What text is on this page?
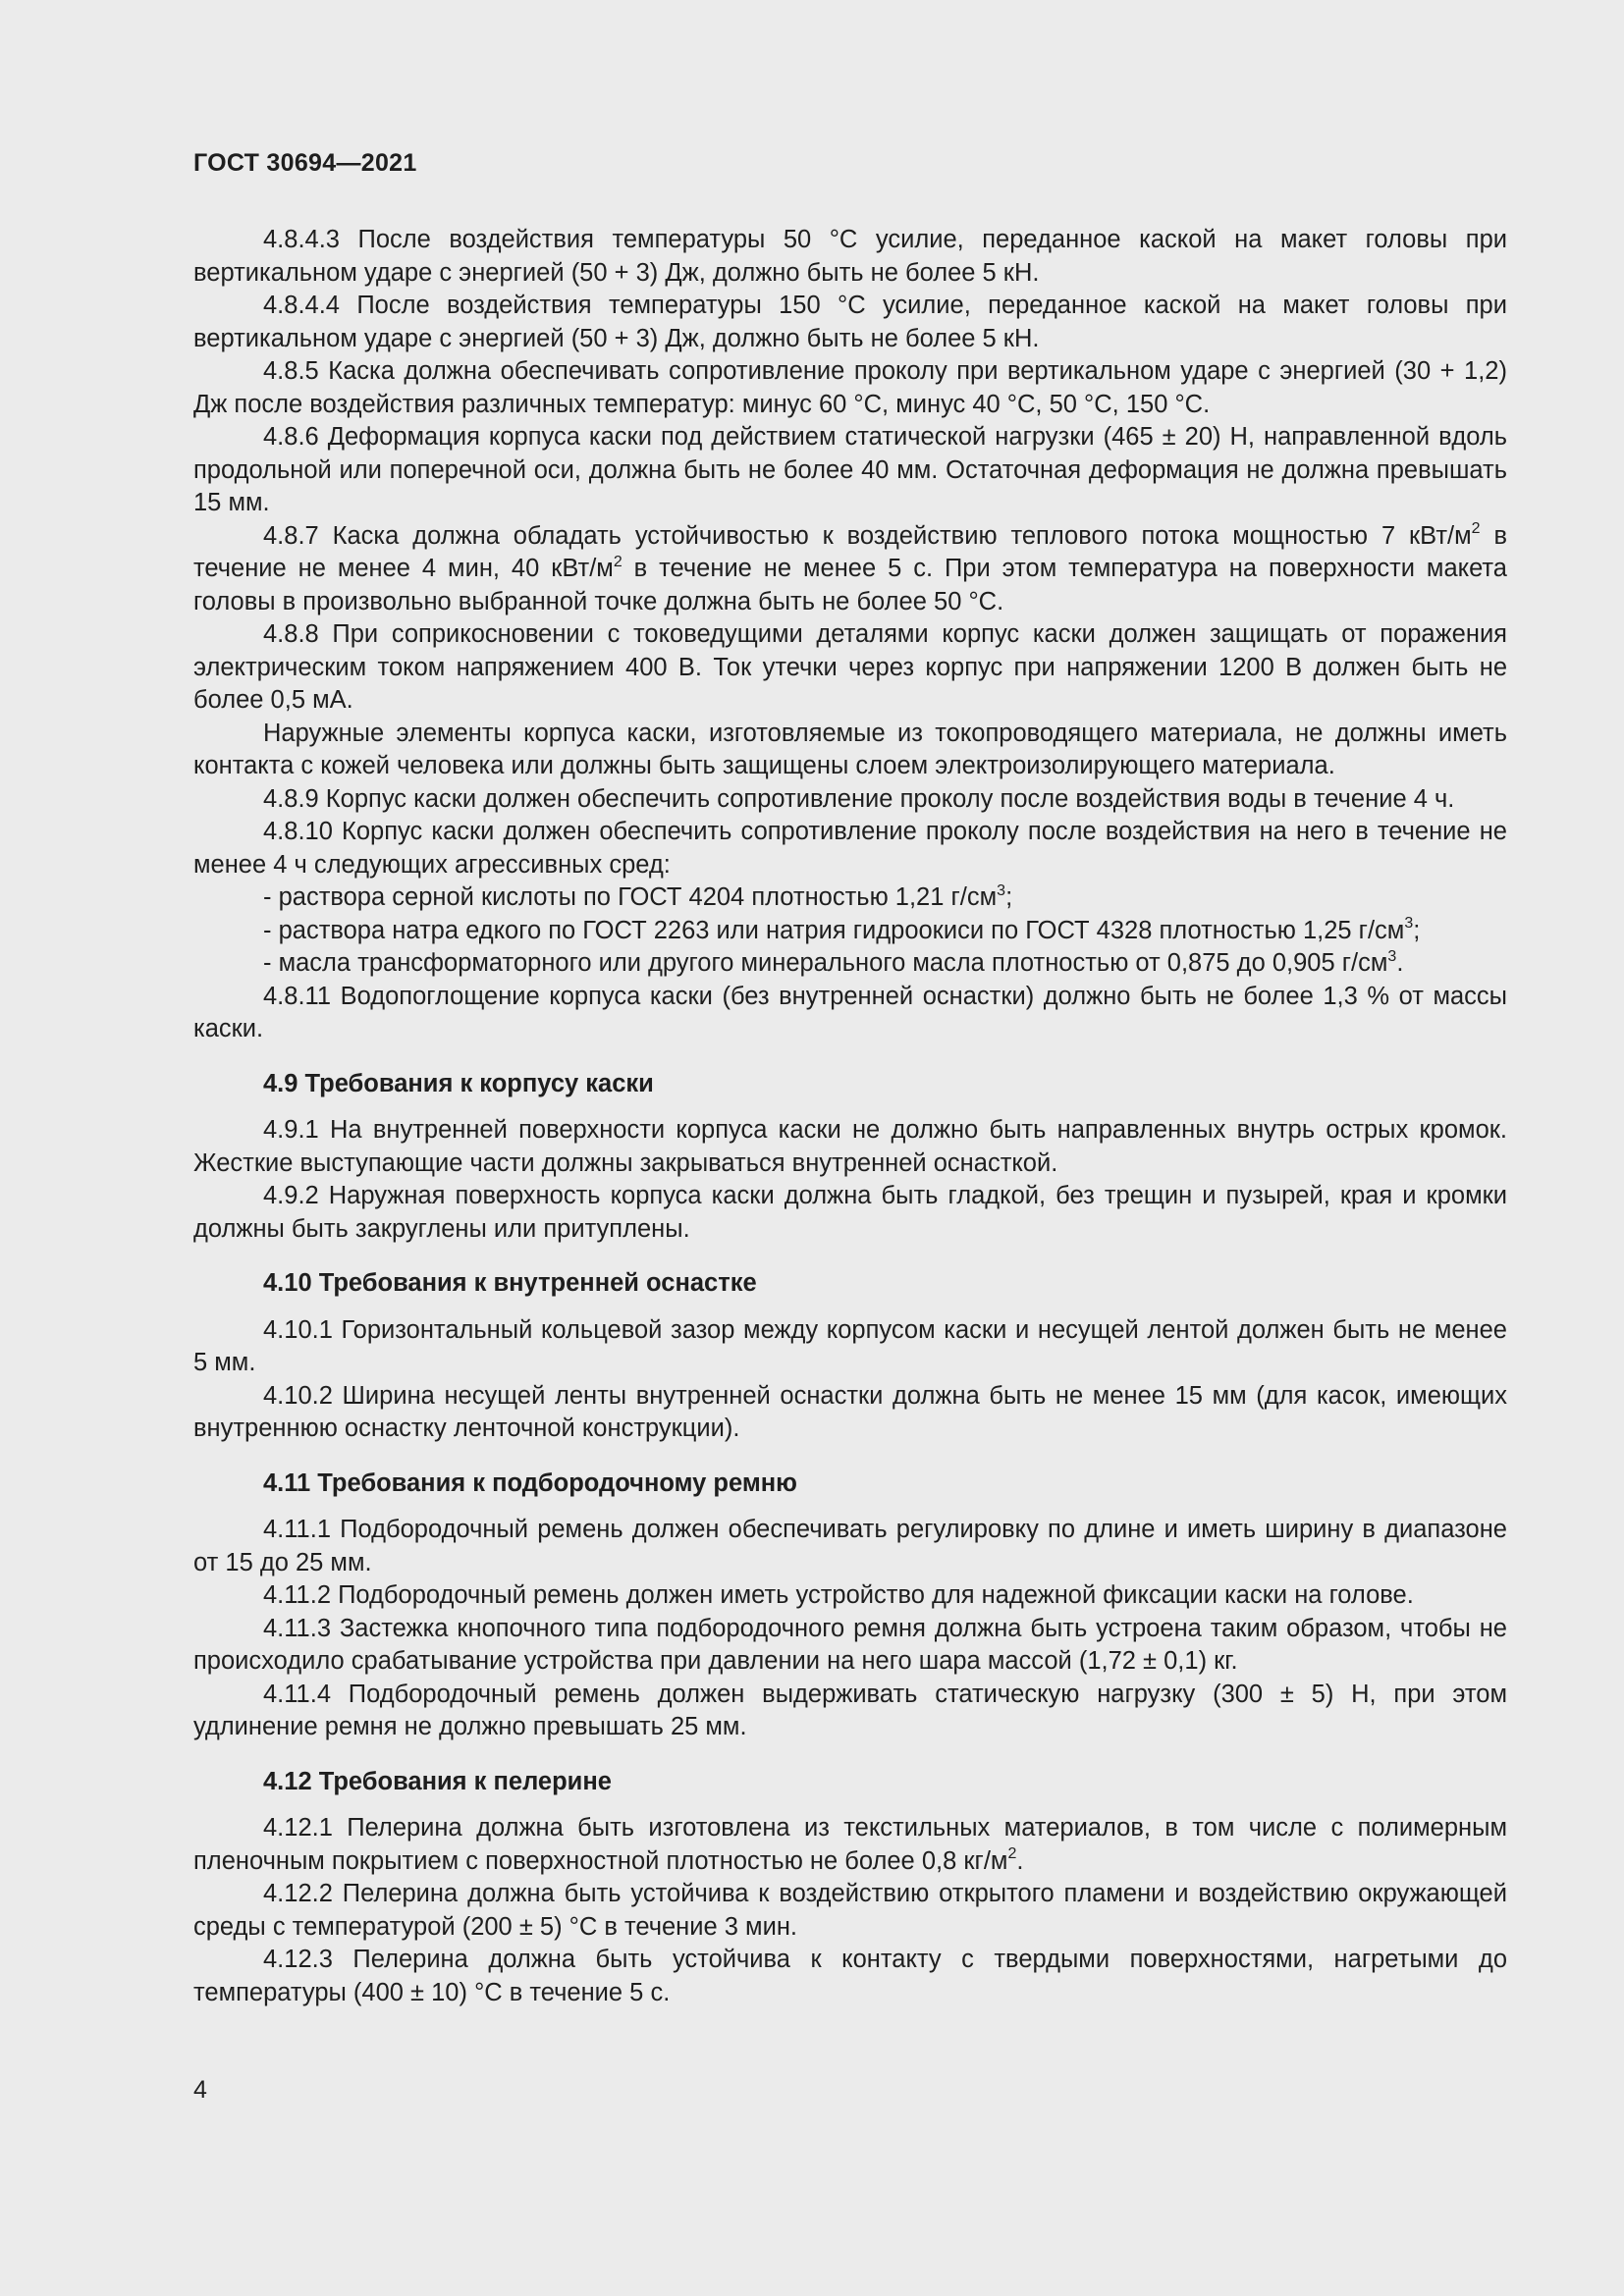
ГОСТ 30694—2021

4.8.4.3 После воздействия температуры 50 °С усилие, переданное каской на макет головы при вертикальном ударе с энергией (50 + 3) Дж, должно быть не более 5 кН.

4.8.4.4 После воздействия температуры 150 °С усилие, переданное каской на макет головы при вертикальном ударе с энергией (50 + 3) Дж, должно быть не более 5 кН.

4.8.5 Каска должна обеспечивать сопротивление проколу при вертикальном ударе с энергией (30 + 1,2) Дж после воздействия различных температур: минус 60 °С, минус 40 °С, 50 °С, 150 °С.

4.8.6 Деформация корпуса каски под действием статической нагрузки (465 ± 20) Н, направленной вдоль продольной или поперечной оси, должна быть не более 40 мм. Остаточная деформация не должна превышать 15 мм.

4.8.7 Каска должна обладать устойчивостью к воздействию теплового потока мощностью 7 кВт/$м^2$ в течение не менее 4 мин, 40 кВт/$м^2$ в течение не менее 5 с. При этом температура на поверхности макета головы в произвольно выбранной точке должна быть не более 50 °С.

4.8.8 При соприкосновении с токоведущими деталями корпус каски должен защищать от поражения электрическим током напряжением 400 В. Ток утечки через корпус при напряжении 1200 В должен быть не более 0,5 мА.

Наружные элементы корпуса каски, изготовляемые из токопроводящего материала, не должны иметь контакта с кожей человека или должны быть защищены слоем электроизолирующего материала.

4.8.9 Корпус каски должен обеспечить сопротивление проколу после воздействия воды в течение 4 ч.

4.8.10 Корпус каски должен обеспечить сопротивление проколу после воздействия на него в течение не менее 4 ч следующих агрессивных сред:

- раствора серной кислоты по ГОСТ 4204 плотностью 1,21 $г/см^3$;

- раствора натра едкого по ГОСТ 2263 или натрия гидроокиси по ГОСТ 4328 плотностью 1,25 $г/см^3$;

- масла трансформаторного или другого минерального масла плотностью от 0,875 до 0,905 $г/см^3$.

4.8.11 Водопоглощение корпуса каски (без внутренней оснастки) должно быть не более 1,3 % от массы каски.

4.9 Требования к корпусу каски

4.9.1 На внутренней поверхности корпуса каски не должно быть направленных внутрь острых кромок. Жесткие выступающие части должны закрываться внутренней оснасткой.

4.9.2 Наружная поверхность корпуса каски должна быть гладкой, без трещин и пузырей, края и кромки должны быть закруглены или притуплены.

4.10 Требования к внутренней оснастке

4.10.1 Горизонтальный кольцевой зазор между корпусом каски и несущей лентой должен быть не менее 5 мм.

4.10.2 Ширина несущей ленты внутренней оснастки должна быть не менее 15 мм (для касок, имеющих внутреннюю оснастку ленточной конструкции).

4.11 Требования к подбородочному ремню

4.11.1 Подбородочный ремень должен обеспечивать регулировку по длине и иметь ширину в диапазоне от 15 до 25 мм.

4.11.2 Подбородочный ремень должен иметь устройство для надежной фиксации каски на голове.

4.11.3 Застежка кнопочного типа подбородочного ремня должна быть устроена таким образом, чтобы не происходило срабатывание устройства при давлении на него шара массой (1,72 ± 0,1) кг.

4.11.4 Подбородочный ремень должен выдерживать статическую нагрузку (300 ± 5) Н, при этом удлинение ремня не должно превышать 25 мм.

4.12 Требования к пелерине

4.12.1 Пелерина должна быть изготовлена из текстильных материалов, в том числе с полимерным пленочным покрытием с поверхностной плотностью не более 0,8 $кг/м^2$.

4.12.2 Пелерина должна быть устойчива к воздействию открытого пламени и воздействию окружающей среды с температурой (200 ± 5) °С в течение 3 мин.

4.12.3 Пелерина должна быть устойчива к контакту с твердыми поверхностями, нагретыми до температуры (400 ± 10) °С в течение 5 с.

4
